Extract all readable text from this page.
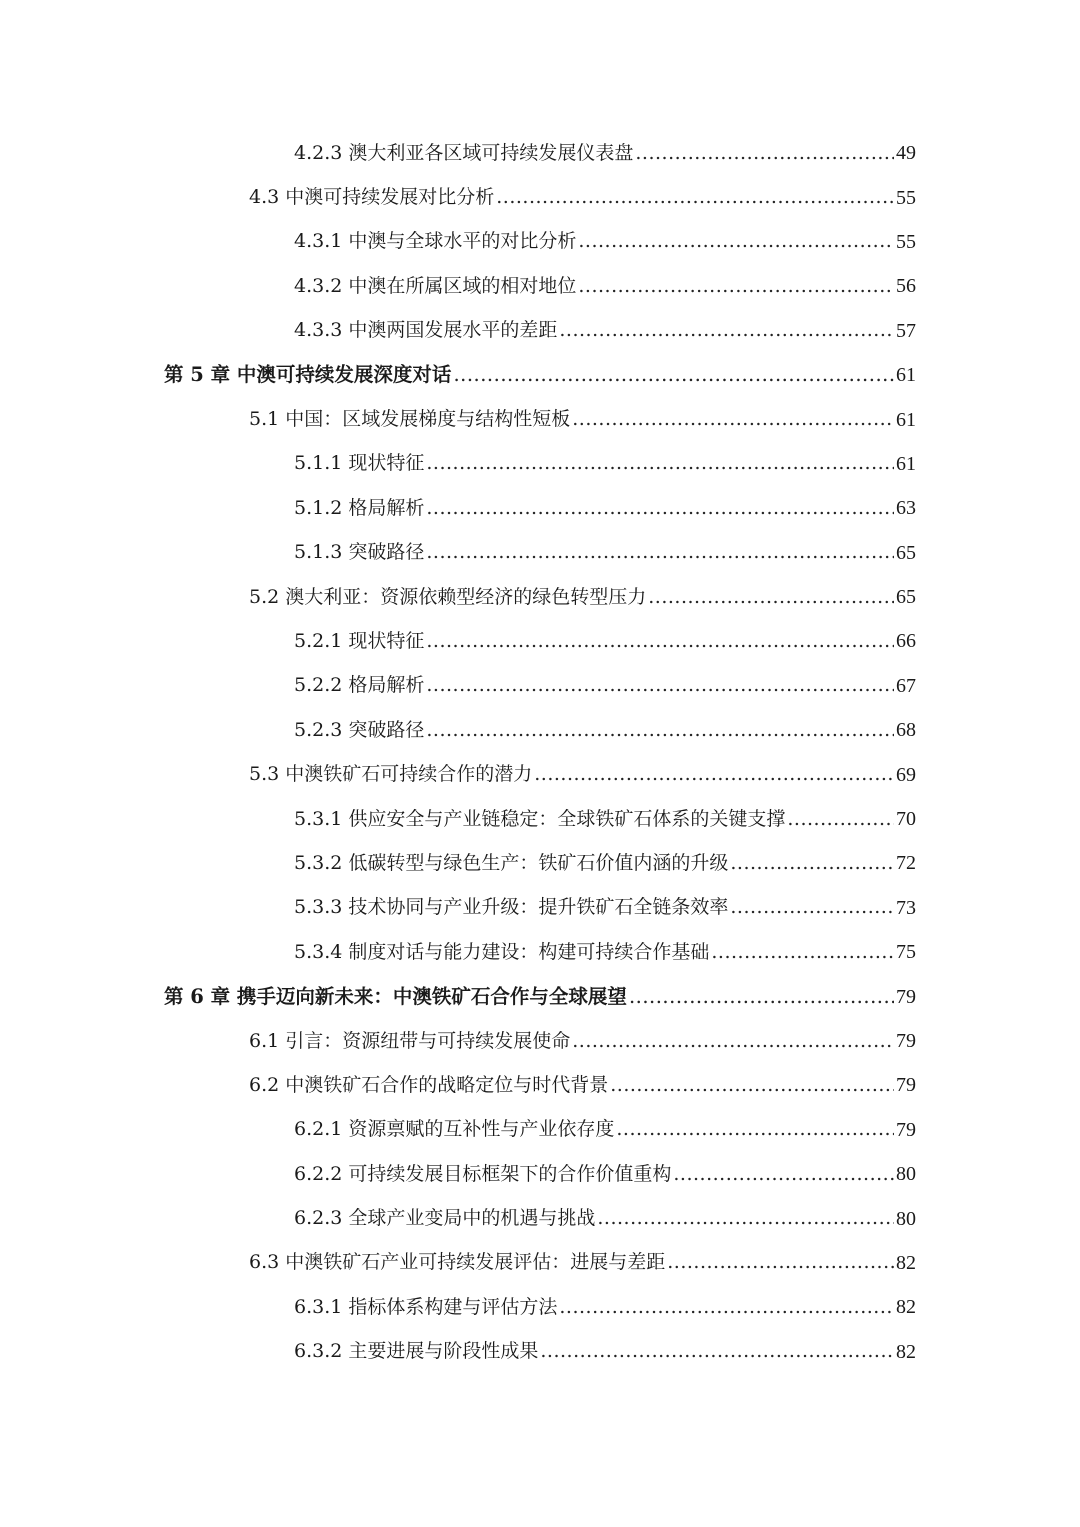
4.2.3 澳大利亚各区域可持续发展仪表盘 .....	49
4.3 中澳可持续发展对比分析 .....	55
4.3.1 中澳与全球水平的对比分析 .....	55
4.3.2 中澳在所属区域的相对地位 .....	56
4.3.3 中澳两国发展水平的差距 .....	57
第 5 章 中澳可持续发展深度对话 .....	61
5.1 中国：区域发展梯度与结构性短板 .....	61
5.1.1 现状特征 .....	61
5.1.2 格局解析 .....	63
5.1.3 突破路径 .....	65
5.2 澳大利亚：资源依赖型经济的绿色转型压力 .....	65
5.2.1 现状特征 .....	66
5.2.2 格局解析 .....	67
5.2.3 突破路径 .....	68
5.3 中澳铁矿石可持续合作的潜力 .....	69
5.3.1 供应安全与产业链稳定：全球铁矿石体系的关键支撑 .....	70
5.3.2 低碳转型与绿色生产：铁矿石价值内涵的升级 .....	72
5.3.3 技术协同与产业升级：提升铁矿石全链条效率 .....	73
5.3.4 制度对话与能力建设：构建可持续合作基础 .....	75
第 6 章 携手迈向新未来：中澳铁矿石合作与全球展望 .....	79
6.1 引言：资源纽带与可持续发展使命 .....	79
6.2 中澳铁矿石合作的战略定位与时代背景 .....	79
6.2.1 资源禀赋的互补性与产业依存度 .....	79
6.2.2 可持续发展目标框架下的合作价值重构 .....	80
6.2.3 全球产业变局中的机遇与挑战 .....	80
6.3 中澳铁矿石产业可持续发展评估：进展与差距 .....	82
6.3.1 指标体系构建与评估方法 .....	82
6.3.2 主要进展与阶段性成果 .....	82
